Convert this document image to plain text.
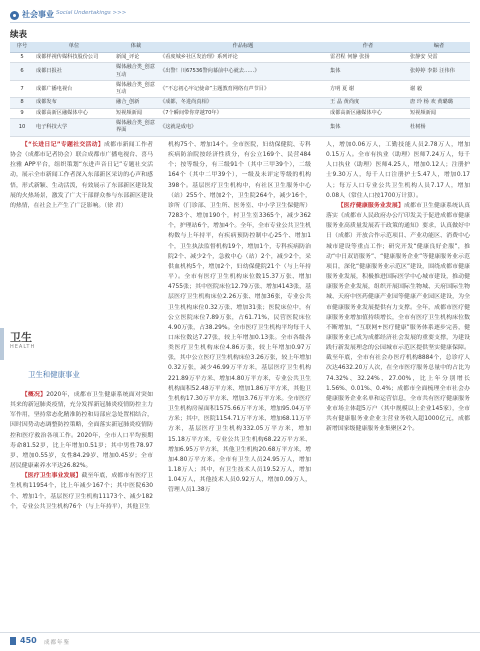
社会事业 Social Undertakings >>>
续表
序号	单位	体裁	作品标题	作者	编者
5	成都样视传媒科技股份公司	新闻_评论	《看度城乡社区发治理》系列评论	雷君程 何静 张扬	张静安 吴雷
6	成都日报社	媒体融合类_创意互动	《出警！川67536警向幕前中心就去……》	集体	张婷婷 李影 汪伟伟
7	成都广播电视台	媒体融合类_创意互动	《“不忘初心牢记使命”主题教育网络有声节目》	方明 夏 谢	谢 毅
8	成都发布	融合_创新	《成都，冬进尚真相》	王 晶 黄尚度	唐 玲 杨 欢 黄璐璐
9	成都高新区融媒体中心	短视频新闻	《7个瞬间带你穿越70年》	成都高新区融媒体中心	短视频新闻
10	电子科技大学	媒体融合类_创意界面	《这就是成电》	集体	杜树杨

【“长进日记”专题社交活动】成都市新闻工作者协会（成都市记者协会）联合成都市广播电视台、喜马拉雅 APP平台，组织策划“东进声音日记”专题社交活动，展示全市新闻工作者深入东部新区采访的心声和感悟，形式新颖、生动活泼，有效展示了东部新区建设发展的火热场景，激发了广大干部群众参与东部新区建设的热情，在社会上产生了广泛影响。（徐 君）

卫生
HEALTH
卫生和健康事业

【概况】2020年，成都市卫生健康系统面对突如其来的新冠肺炎疫情，充分发挥新冠肺炎疫情防控主力军作用，坚持常态化精准防控和局部应急处置相结合，因时因势动态调整防控策略，全面落实新冠肺炎疫情防控和医疗救治各项工作。2020年，全市人口平均预期寿命81.52岁，比上年增加0.51岁；其中男性78.97岁、增加0.55岁，女性84.29岁、增加0.45岁；全市居民健康素养水平达26.82%。

【医疗卫生事业发展】截至年底，成都市有医疗卫生机构11954个，比上年减少167个；其中医院630个、增加1个，基层医疗卫生机构11173个、减少182个，专业公共卫生机构76个（与上年持平），其他卫生

机构75个、增加14个。全市医院，妇幼保健院、专科疾病防治院按经济性质分，有公立169个、民营484个；按等级分，有三级91个（其中三甲39个），二级164个（其中二甲39个），一级及未评定等级的机构398个。基层医疗卫生机构中，有社区卫生服务中心（站）255个、增加2个，卫生院264个，减少16个，诊所（门诊部、卫生所、医务室、中小学卫生保健所）7283个、增加190个，村卫生室3365个，减少362个，护理站6个，增加4个。全年，全市专业公共卫生机构数与上年持平，有疾病预防控制中心25个、增加1个，卫生执法监督机构19个，增加1个，专科疾病防治院2个、减少2个，急救中心（站）2个，减少2个，采供血机构5个，增加2个，妇幼保健院21个（与上年持平）。全市有医疗卫生机构床位数15.37万张、增加4755张；其中医院床位12.79万张、增加4143张，基层医疗卫生机构床位2.26万张、增加36张，专业公共卫生机构床位0.32万张、增加31张；医院床位中，有公立医院床位7.89万张，占61.71%，民营医院床位4.90万张，占38.29%。全市医疗卫生机构平均每千人口床位数达7.27张，较上年增加0.13张。全市各级各类医疗卫生机构床位4.86万张，较上年增加0.97万张，其中公立医疗卫生机构床位3.26万张，较上年增加0.32万张，减少46.99万平方米，基层医疗卫生机构221.89万平方米、增加4.80万平方米，专业公共卫生机构面积52.48万平方米、增加1.86万平方米，其他卫生机构17.30万平方米、增加3.76万平方米。全市医疗卫生机构房屋面积1575.66万平方米，增加95.04万平方米；其中，医院1154.71万平方米、增加68.11万平方米，基层医疗卫生机构332.05万平方米，增加15.18万平方米，专业公共卫生机构68.22万平方米、增加6.95万平方米，其他卫生机构20.68万平方米，增加4.80万平方米。全市有卫生人员24.95万人，增加1.18万人；其中，有卫生技术人员19.52万人，增加1.04万人，其他技术人员0.92万人，增加0.09万人，管理人员1.38万

人，增加0.06万人，工勤技能人员2.78万人，增加0.15万人。全市有执业（助理）医师7.24万人，每千人口执业（助理）医师4.25人，增加0.12人；注册护士9.30万人，每千人口注册护士5.47人，增加0.17人；每万人口专业公共卫生机构人员7.17人，增加0.08人（常住人口按1700万计算）。

【医疗健康服务业发展】成都市卫生健康系统认真落实《成都市人民政府办公厅印发关于促进成都市健康服务业高质量发展若干政策的通知》要求，认真做好中日（成都）开放合作示范项目、产业功能区、消费中心城市建设等重点工作；研究开发“健康良好企服”，推动“中日双语服务”、“健康服务企业”等健康服务业示范项目，深化“健康服务业示范区”建设，围绕成都市健康服务业发展，积极推进国际医学中心城市建设，推动健康服务企业发展，组织开展国际生物城、天府国际生物城、天府中医药健康产业园等健康产业园区建设，为全市健康服务业发展提供有力支撑。全年，成都市医疗健康服务业增加值持续增长，全市有医疗卫生机构床位数不断增加，“互联网+医疗健康”服务体系逐步完善，健康服务业已成为成都经济社会发展的重要支撑，为建设践行新发展理念的公园城市示范区提供坚实健康保障。截至年底，全市有社会办医疗机构8884个，总诊疗人次达4632.20万人次，在全市医疗服务总量中的占比为74.32%、32.24%、27.00%，比上年分别增长1.56%、0.01%、0.4%；成都市全面梳理全市社会办健康服务企业名单和运营信息，全市共有医疗健康服务业市场主体超5万户（其中规模以上企业145家），全市共有健康服务业企业主营业务收入超1000亿元，成都新增国家级健康服务业集聚区2个。

450 成都年鉴
